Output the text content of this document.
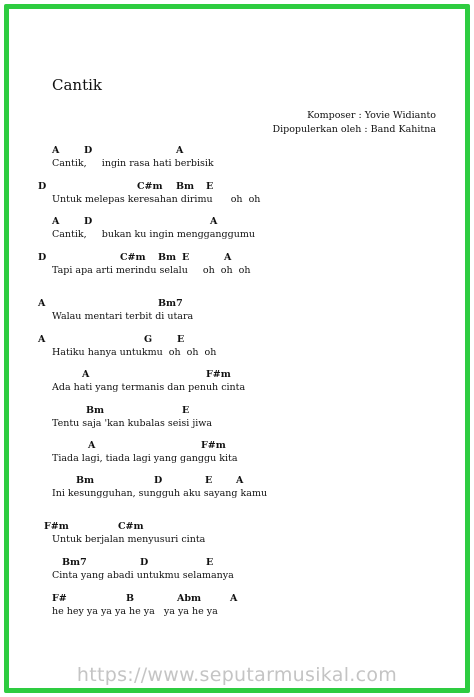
Cantik
Komposer : Yovie Widianto
Dipopulerkan oleh : Band Kahitna
A	D	A
Cantik,     ingin rasa hati berbisik
D	C#m Bm E
Untuk melepas keresahan dirimu      oh  oh
A	D	A
Cantik,     bukan ku ingin mengganggumu
D	C#m Bm E	A
Tapi apa arti merindu selalu     oh  oh  oh
A	Bm7
Walau mentari terbit di utara
A	G	E
Hatiku hanya untukmu  oh  oh  oh
A	F#m
Ada hati yang termanis dan penuh cinta
Bm	E
Tentu saja 'kan kubalas seisi jiwa
A	F#m
Tiada lagi, tiada lagi yang ganggu kita
Bm	D	E	A
Ini kesungguhan, sungguh aku sayang kamu
F#m	C#m
Untuk berjalan menyusuri cinta
Bm7	D	E
Cinta yang abadi untukmu selamanya
F#	B	Abm	A
he hey ya ya ya he ya   ya ya he ya
https://www.seputarmusikal.com
